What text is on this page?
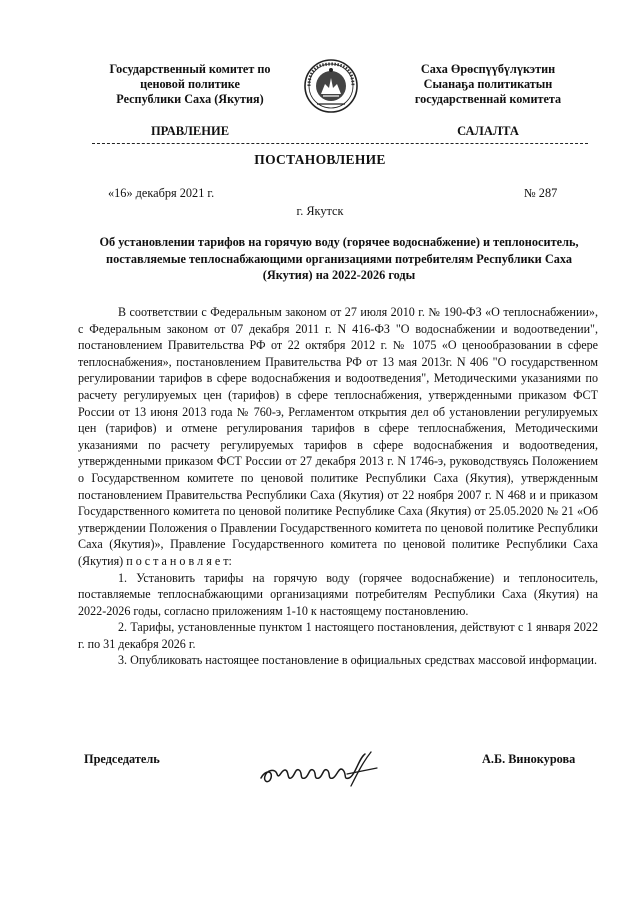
Государственный комитет по
ценовой политике
Республики Саха (Якутия)
Саха Өрөспүүбүлүкэтин
Сыанаҕа политикатын
государственнай комитета
ПРАВЛЕНИЕ	САЛАЛТА
ПОСТАНОВЛЕНИЕ
«16» декабря 2021 г.	№ 287
г. Якутск
Об установлении тарифов на горячую воду (горячее водоснабжение) и теплоноситель, поставляемые теплоснабжающими организациями потребителям Республики Саха (Якутия) на 2022-2026 годы

В соответствии с Федеральным законом от 27 июля 2010 г. № 190-ФЗ «О теплоснабжении», с Федеральным законом от 07 декабря 2011 г. N 416-ФЗ "О водоснабжении и водоотведении", постановлением Правительства РФ от 22 октября 2012 г. № 1075 «О ценообразовании в сфере теплоснабжения», постановлением Правительства РФ от 13 мая 2013г. N 406 "О государственном регулировании тарифов в сфере водоснабжения и водоотведения", Методическими указаниями по расчету регулируемых цен (тарифов) в сфере теплоснабжения, утвержденными приказом ФСТ России от 13 июня 2013 года № 760-э, Регламентом открытия дел об установлении регулируемых цен (тарифов) и отмене регулирования тарифов в сфере теплоснабжения, Методическими указаниями по расчету регулируемых тарифов в сфере водоснабжения и водоотведения, утвержденными приказом ФСТ России от 27 декабря 2013 г. N 1746-э, руководствуясь Положением о Государственном комитете по ценовой политике Республики Саха (Якутия), утвержденным постановлением Правительства Республики Саха (Якутия) от 22 ноября 2007 г. N 468 и и приказом Государственного комитета по ценовой политике Республике Саха (Якутия) от 25.05.2020 № 21 «Об утверждении Положения о Правлении Государственного комитета по ценовой политике Республики Саха (Якутия)», Правление Государственного комитета по ценовой политике Республики Саха (Якутия) п о с т а н о в л я е т:

1. Установить тарифы на горячую воду (горячее водоснабжение) и теплоноситель, поставляемые теплоснабжающими организациями потребителям Республики Саха (Якутия) на 2022-2026 годы, согласно приложениям 1-10 к настоящему постановлению.

2. Тарифы, установленные пунктом 1 настоящего постановления, действуют с 1 января 2022 г. по 31 декабря 2026 г.

3. Опубликовать настоящее постановление в официальных средствах массовой информации.

Председатель	А.Б. Винокурова
